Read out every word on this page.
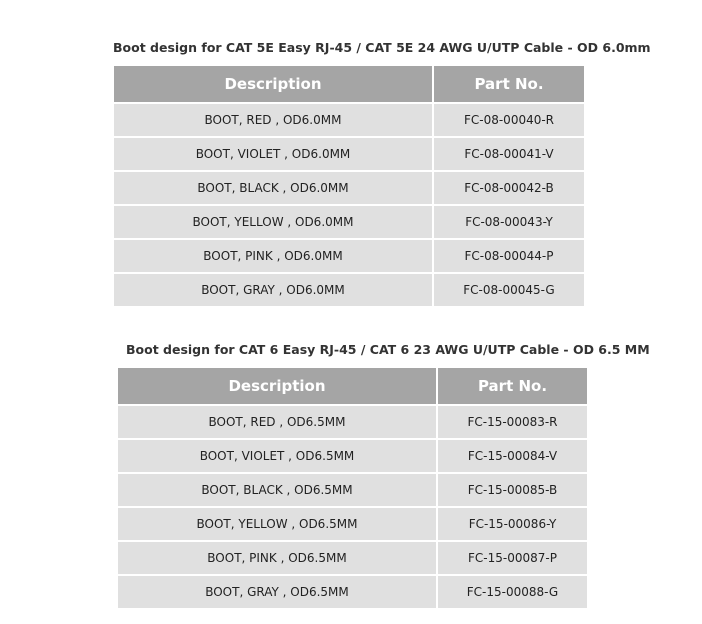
Boot design for CAT 5E Easy RJ-45 / CAT 5E 24 AWG U/UTP Cable - OD 6.0mm
Description	Part No.
BOOT, RED , OD6.0MM	FC-08-00040-R
BOOT, VIOLET , OD6.0MM	FC-08-00041-V
BOOT, BLACK , OD6.0MM	FC-08-00042-B
BOOT, YELLOW , OD6.0MM	FC-08-00043-Y
BOOT, PINK , OD6.0MM	FC-08-00044-P
BOOT, GRAY , OD6.0MM	FC-08-00045-G
Boot design for CAT 6 Easy RJ-45 / CAT 6 23 AWG U/UTP Cable - OD 6.5 MM
Description	Part No.
BOOT, RED , OD6.5MM	FC-15-00083-R
BOOT, VIOLET , OD6.5MM	FC-15-00084-V
BOOT, BLACK , OD6.5MM	FC-15-00085-B
BOOT, YELLOW , OD6.5MM	FC-15-00086-Y
BOOT, PINK , OD6.5MM	FC-15-00087-P
BOOT, GRAY , OD6.5MM	FC-15-00088-G
